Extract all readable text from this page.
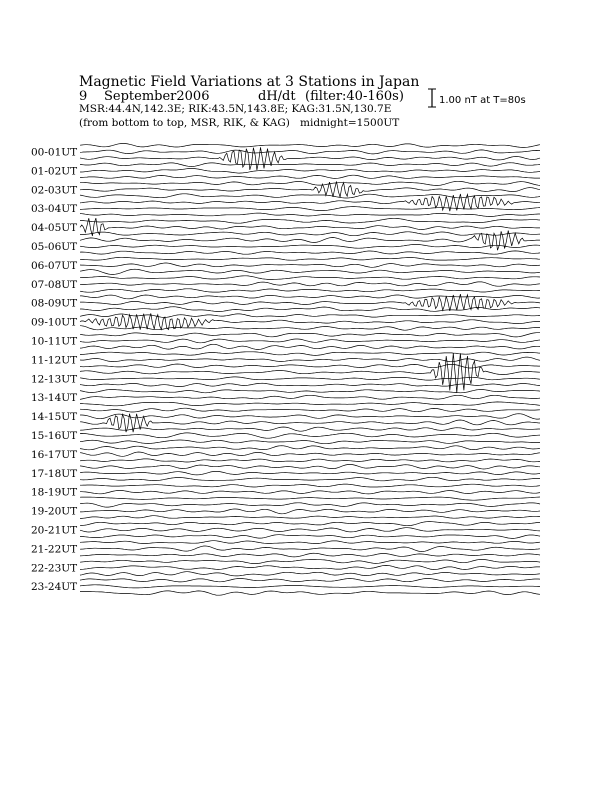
Magnetic Field Variations at 3 Stations in Japan
9 September2006	dH/dt (filter:40-160s)
MSR:44.4N,142.3E; RIK:43.5N,143.8E; KAG:31.5N,130.7E
(from bottom to top, MSR, RIK, & KAG) midnight=1500UT
1.00 nT at T=80s
00-01UT
01-02UT
02-03UT
03-04UT
04-05UT
05-06UT
06-07UT
07-08UT
08-09UT
09-10UT
10-11UT
11-12UT
12-13UT
13-14UT
14-15UT
15-16UT
16-17UT
17-18UT
18-19UT
19-20UT
20-21UT
21-22UT
22-23UT
23-24UT
